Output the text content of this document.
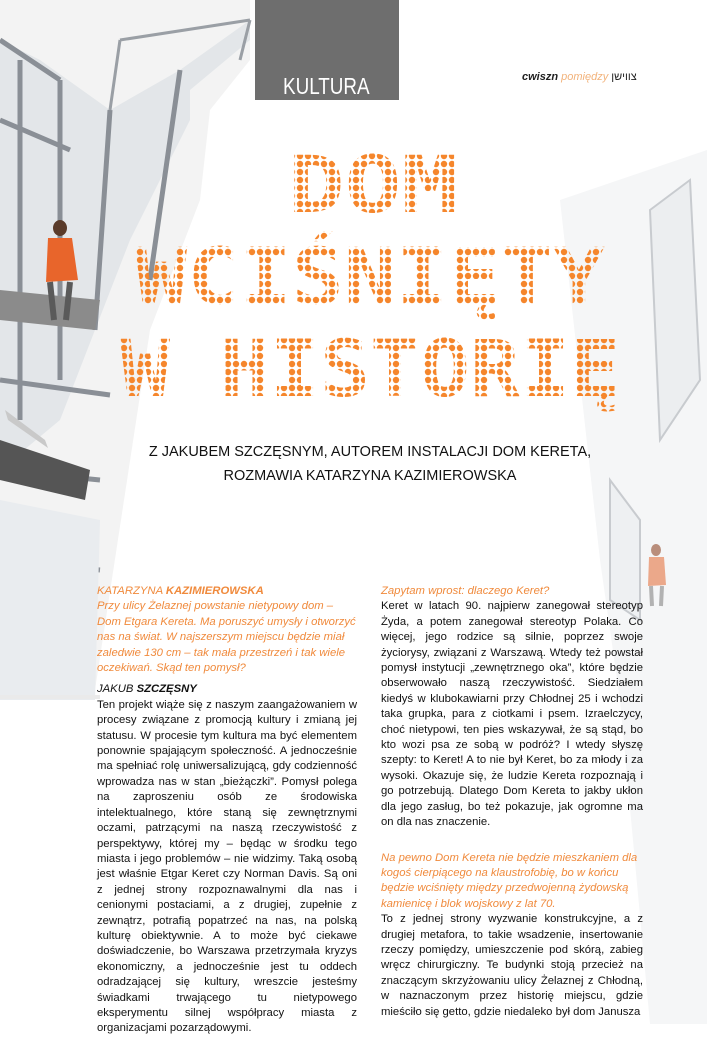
DOM
WCIŚNIĘTY
W HISTORIĘ
KULTURA	cwiszn pomiędzy צווישן
Z JAKUBEM SZCZĘSNYM, AUTOREM INSTALACJI DOM KERETA,
ROZMAWIA KATARZYNA KAZIMIEROWSKA

KATARZYNA KAZIMIEROWSKA

Przy ulicy Żelaznej powstanie nietypowy dom – Dom Etgara Kereta. Ma poruszyć umysły i otworzyć nas na świat. W najszerszym miejscu będzie miał zaledwie 130 cm – tak mała przestrzeń i tak wiele oczekiwań. Skąd ten pomysł?

JAKUB SZCZĘSNY

Ten projekt wiąże się z naszym zaangażowaniem w procesy związane z promocją kultury i zmianą jej statusu. W procesie tym kultura ma być elementem ponownie spajającym społeczność. A jednocześnie ma spełniać rolę uniwersalizującą, gdy codzienność wprowadza nas w stan „bieżączki”. Pomysł polega na zaproszeniu osób ze środowiska intelektualnego, które staną się zewnętrznymi oczami, patrzącymi na naszą rzeczywistość z perspektywy, której my – będąc w środku tego miasta i jego problemów – nie widzimy. Taką osobą jest właśnie Etgar Keret czy Norman Davis. Są oni z jednej strony rozpoznawalnymi dla nas i cenionymi postaciami, a z drugiej, zupełnie z zewnątrz, potrafią popatrzeć na nas, na polską kulturę obiektywnie. A to może być ciekawe doświadczenie, bo Warszawa przetrzymała kryzys ekonomiczny, a jednocześnie jest tu oddech odradzającej się kultury, wreszcie jesteśmy świadkami trwającego tu nietypowego eksperymentu silnej współpracy miasta z organizacjami pozarządowymi.

Zapytam wprost: dlaczego Keret?

Keret w latach 90. najpierw zanegował stereotyp Żyda, a potem zanegował stereotyp Polaka. Co więcej, jego rodzice są silnie, poprzez swoje życiorysy, związani z Warszawą. Wtedy też powstał pomysł instytucji „zewnętrznego oka”, które będzie obserwowało naszą rzeczywistość. Siedziałem kiedyś w klubokawiarni przy Chłodnej 25 i wchodzi taka grupka, para z ciotkami i psem. Izraelczycy, choć nietypowi, ten pies wskazywał, że są stąd, bo kto wozi psa ze sobą w podróż? I wtedy słyszę szepty: to Keret! A to nie był Keret, bo za młody i za wysoki. Okazuje się, że ludzie Kereta rozpoznają i go potrzebują. Dlatego Dom Kereta to jakby ukłon dla jego zasług, bo też pokazuje, jak ogromne ma on dla nas znaczenie.

Na pewno Dom Kereta nie będzie mieszkaniem dla kogoś cierpiącego na klaustrofobię, bo w końcu będzie wciśnięty między przedwojenną żydowską kamienicę i blok wojskowy z lat 70.

To z jednej strony wyzwanie konstrukcyjne, a z drugiej metafora, to takie wsadzenie, insertowanie rzeczy pomiędzy, umieszczenie pod skórą, zabieg wręcz chirurgiczny. Te budynki stoją przecież na znaczącym skrzyżowaniu ulicy Żelaznej z Chłodną, w naznaczonym przez historię miejscu, gdzie mieściło się getto, gdzie niedaleko był dom Janusza
